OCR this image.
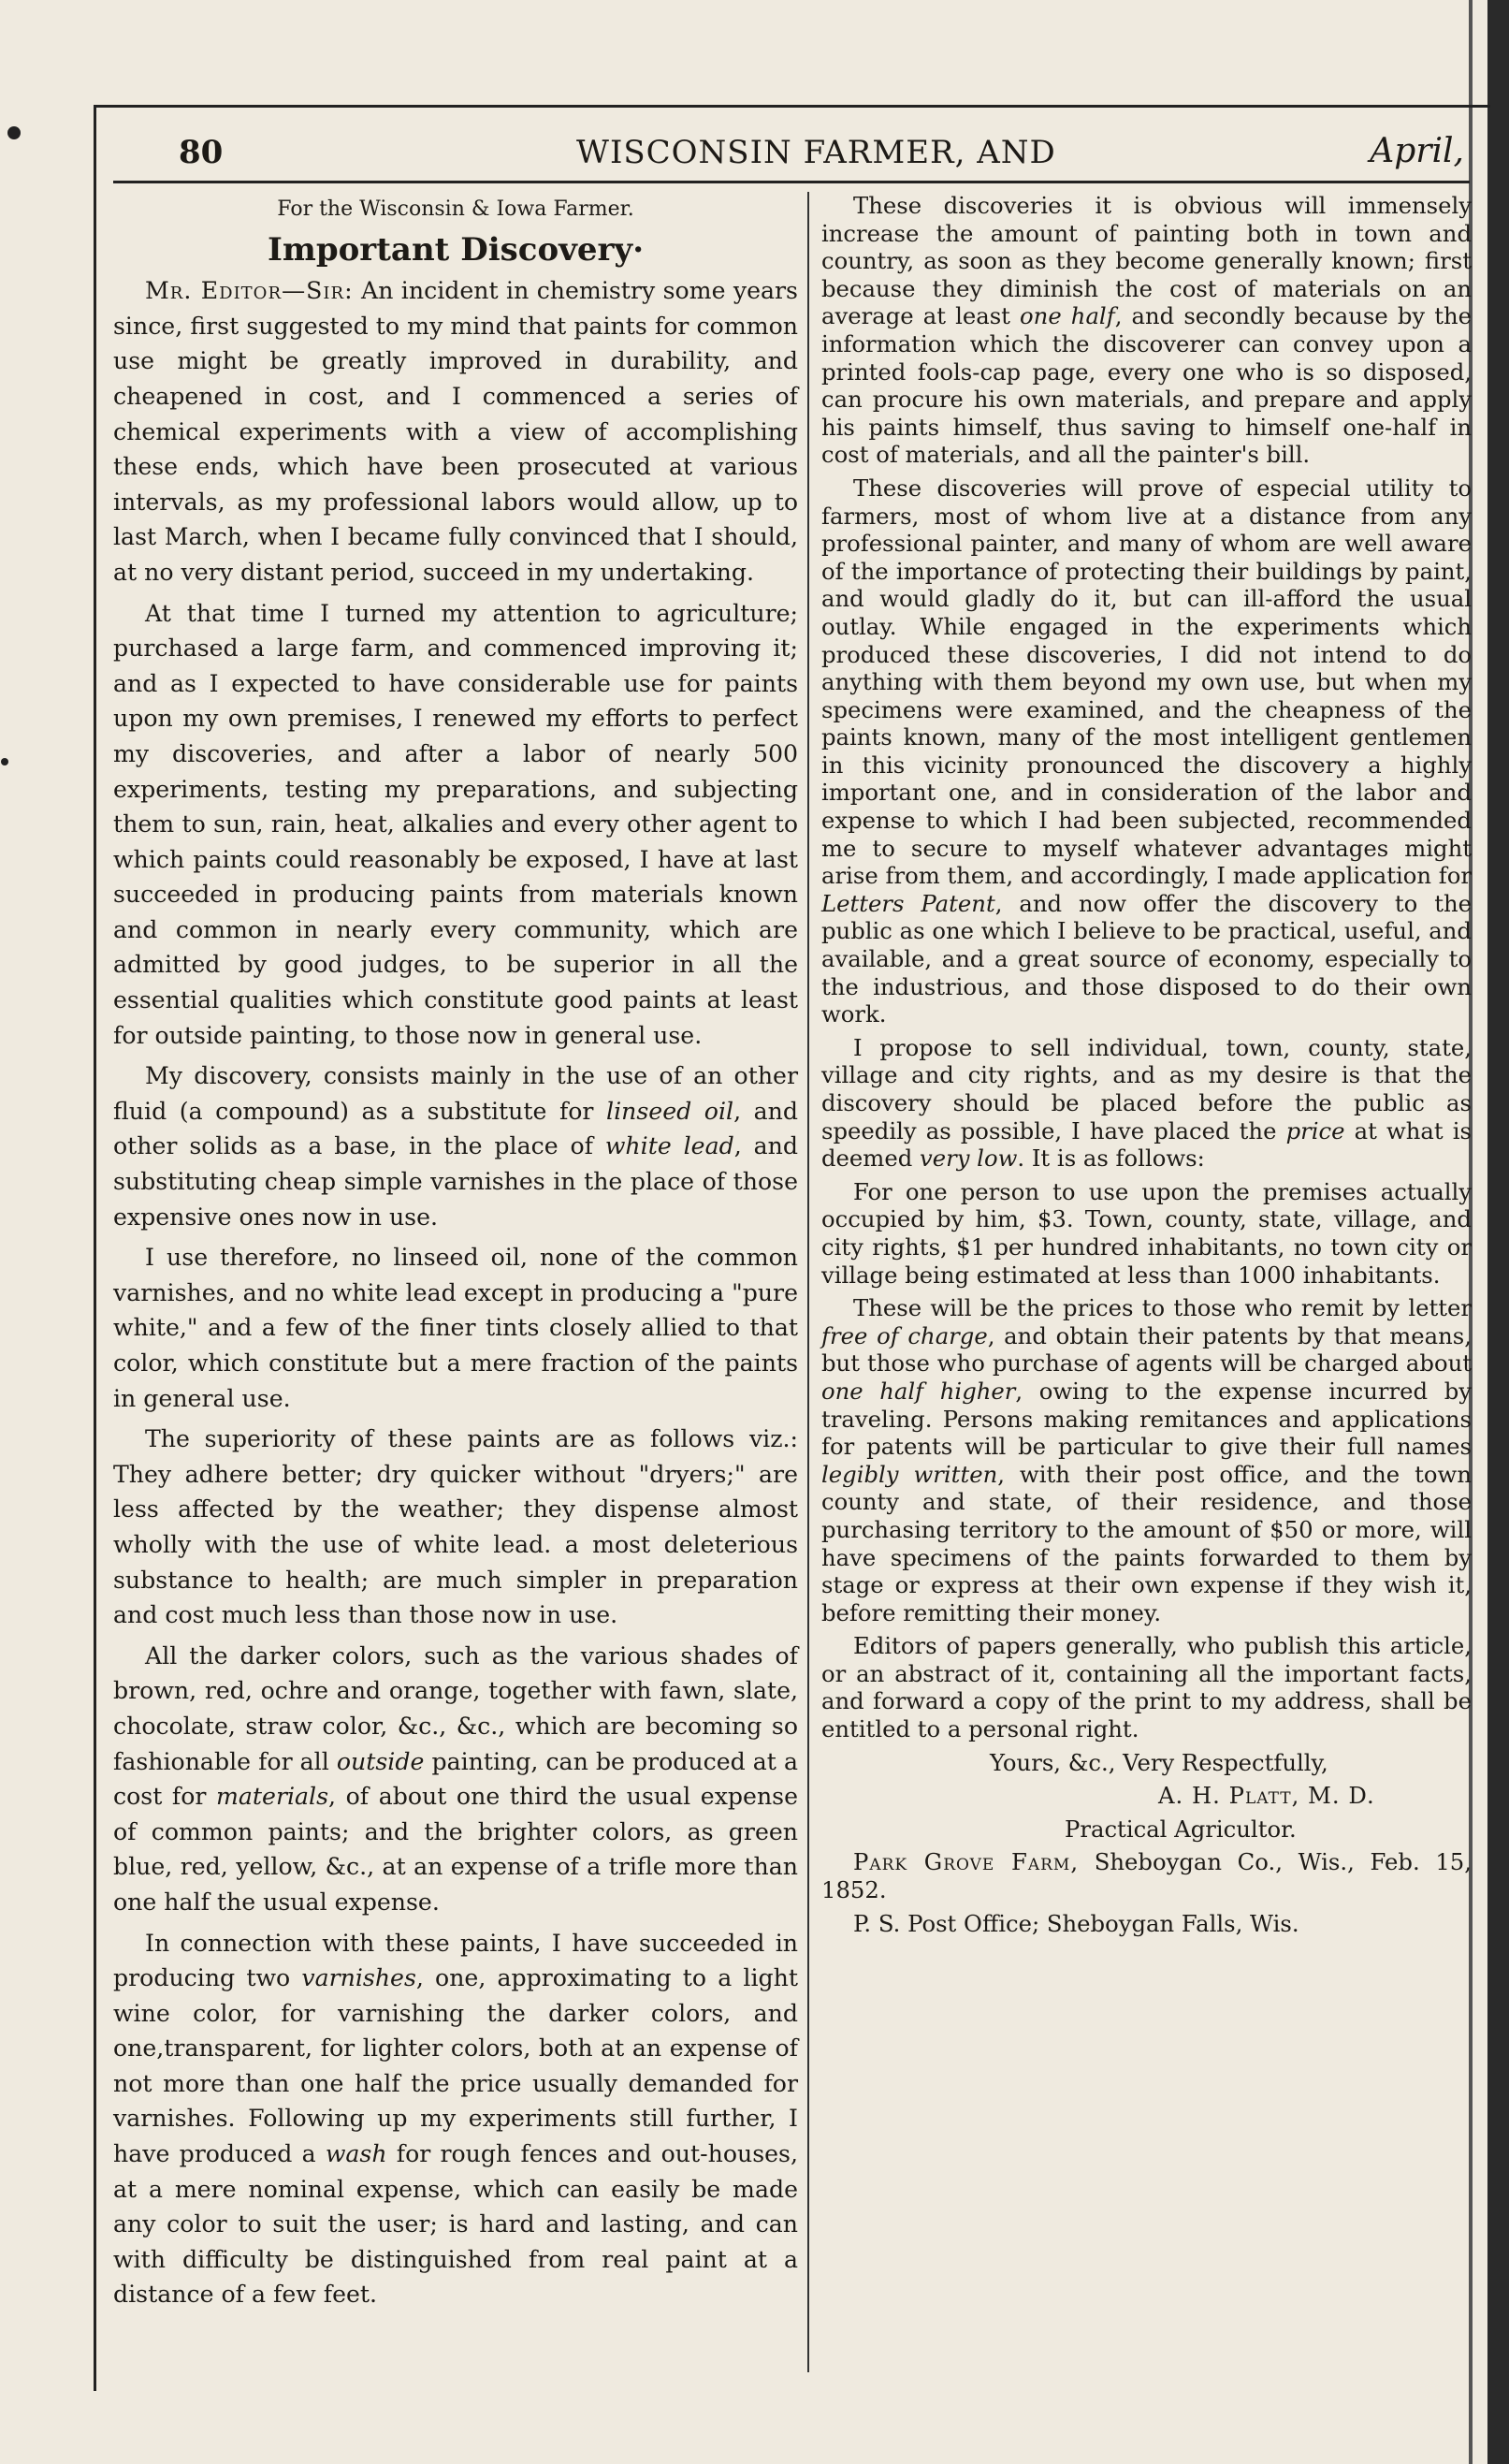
80	WISCONSIN FARMER, AND	April,

For the Wisconsin & Iowa Farmer.

Important Discovery·

Mr. Editor—Sir: An incident in chemistry some years since, first suggested to my mind that paints for common use might be greatly improved in durability, and cheapened in cost, and I commenced a series of chemical experiments with a view of accomplishing these ends, which have been prosecuted at various intervals, as my professional labors would allow, up to last March, when I became fully convinced that I should, at no very distant period, succeed in my undertaking.

At that time I turned my attention to agriculture; purchased a large farm, and commenced improving it; and as I expected to have considerable use for paints upon my own premises, I renewed my efforts to perfect my discoveries, and after a labor of nearly 500 experiments, testing my preparations, and subjecting them to sun, rain, heat, alkalies and every other agent to which paints could reasonably be exposed, I have at last succeeded in producing paints from materials known and common in nearly every community, which are admitted by good judges, to be superior in all the essential qualities which constitute good paints at least for outside painting, to those now in general use.

My discovery, consists mainly in the use of an other fluid (a compound) as a substitute for linseed oil, and other solids as a base, in the place of white lead, and substituting cheap simple varnishes in the place of those expensive ones now in use.

I use therefore, no linseed oil, none of the common varnishes, and no white lead except in producing a "pure white," and a few of the finer tints closely allied to that color, which constitute but a mere fraction of the paints in general use.

The superiority of these paints are as follows viz.: They adhere better; dry quicker without "dryers;" are less affected by the weather; they dispense almost wholly with the use of white lead. a most deleterious substance to health; are much simpler in preparation and cost much less than those now in use.

All the darker colors, such as the various shades of brown, red, ochre and orange, together with fawn, slate, chocolate, straw color, &c., &c., which are becoming so fashionable for all outside painting, can be produced at a cost for materials, of about one third the usual expense of common paints; and the brighter colors, as green blue, red, yellow, &c., at an expense of a trifle more than one half the usual expense.

In connection with these paints, I have succeeded in producing two varnishes, one, approximating to a light wine color, for varnishing the darker colors, and one,transparent, for lighter colors, both at an expense of not more than one half the price usually demanded for varnishes. Following up my experiments still further, I have produced a wash for rough fences and out-houses, at a mere nominal expense, which can easily be made any color to suit the user; is hard and lasting, and can with difficulty be distinguished from real paint at a distance of a few feet.

These discoveries it is obvious will immensely increase the amount of painting both in town and country, as soon as they become generally known; first because they diminish the cost of materials on an average at least one half, and secondly because by the information which the discoverer can convey upon a printed fools-cap page, every one who is so disposed, can procure his own materials, and prepare and apply his paints himself, thus saving to himself one-half in cost of materials, and all the painter's bill.

These discoveries will prove of especial utility to farmers, most of whom live at a distance from any professional painter, and many of whom are well aware of the importance of protecting their buildings by paint, and would gladly do it, but can ill-afford the usual outlay. While engaged in the experiments which produced these discoveries, I did not intend to do anything with them beyond my own use, but when my specimens were examined, and the cheapness of the paints known, many of the most intelligent gentlemen in this vicinity pronounced the discovery a highly important one, and in consideration of the labor and expense to which I had been subjected, recommended me to secure to myself whatever advantages might arise from them, and accordingly, I made application for Letters Patent, and now offer the discovery to the public as one which I believe to be practical, useful, and available, and a great source of economy, especially to the industrious, and those disposed to do their own work.

I propose to sell individual, town, county, state, village and city rights, and as my desire is that the discovery should be placed before the public as speedily as possible, I have placed the price at what is deemed very low. It is as follows:

For one person to use upon the premises actually occupied by him, $3. Town, county, state, village, and city rights, $1 per hundred inhabitants, no town city or village being estimated at less than 1000 inhabitants.

These will be the prices to those who remit by letter free of charge, and obtain their patents by that means, but those who purchase of agents will be charged about one half higher, owing to the expense incurred by traveling. Persons making remitances and applications for patents will be particular to give their full names legibly written, with their post office, and the town county and state, of their residence, and those purchasing territory to the amount of $50 or more, will have specimens of the paints forwarded to them by stage or express at their own expense if they wish it, before remitting their money.

Editors of papers generally, who publish this article, or an abstract of it, containing all the important facts, and forward a copy of the print to my address, shall be entitled to a personal right.

Yours, &c., Very Respectfully,

A. H. Platt, M. D.

Practical Agricultor.

Park Grove Farm, Sheboygan Co., Wis., Feb. 15, 1852.

P. S. Post Office; Sheboygan Falls, Wis.
